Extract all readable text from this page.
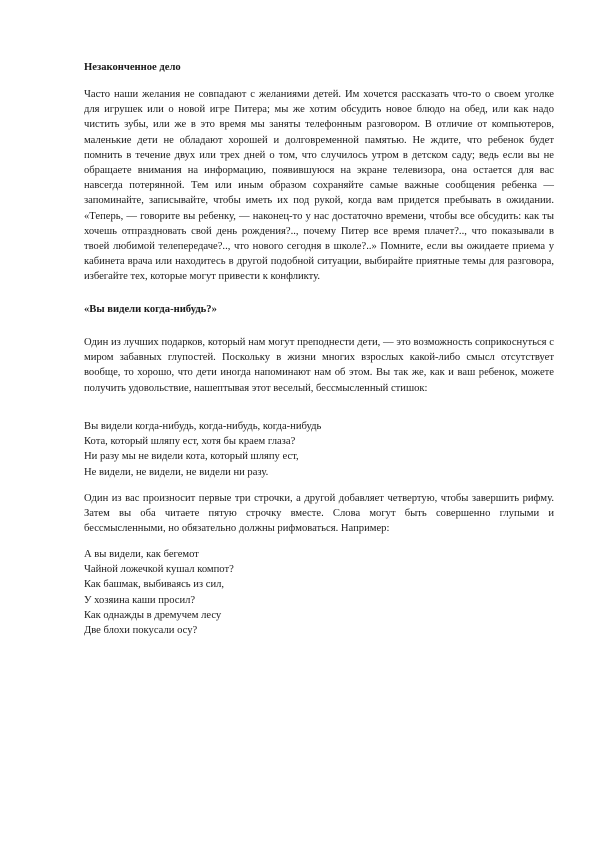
Незаконченное дело

Часто наши желания не совпадают с желаниями детей. Им хочется рассказать что-то о своем уголке для игрушек или о новой игре Питера; мы же хотим обсудить новое блюдо на обед, или как надо чистить зубы, или же в это время мы заняты телефонным разговором. В отличие от компьютеров, маленькие дети не обладают хорошей и долговременной памятью. Не ждите, что ребенок будет помнить в течение двух или трех дней о том, что случилось утром в детском саду; ведь если вы не обращаете внимания на информацию, появившуюся на экране телевизора, она остается для вас навсегда потерянной. Тем или иным образом сохраняйте самые важные сообщения ребенка — запоминайте, записывайте, чтобы иметь их под рукой, когда вам придется пребывать в ожидании. «Теперь, — говорите вы ребенку, — наконец-то у нас достаточно времени, чтобы все обсудить: как ты хочешь отпраздновать свой день рождения?.., почему Питер все время плачет?.., что показывали в твоей любимой телепередаче?.., что нового сегодня в школе?..» Помните, если вы ожидаете приема у кабинета врача или находитесь в другой подобной ситуации, выбирайте приятные темы для разговора, избегайте тех, которые могут привести к конфликту.

«Вы видели когда-нибудь?»

Один из лучших подарков, который нам могут преподнести дети, — это возможность соприкоснуться с миром забавных глупостей. Поскольку в жизни многих взрослых какой-либо смысл отсутствует вообще, то хорошо, что дети иногда напоминают нам об этом. Вы так же, как и ваш ребенок, можете получить удовольствие, нашептывая этот веселый, бессмысленный стишок:

Вы видели когда-нибудь, когда-нибудь, когда-нибудь
Кота, который шляпу ест, хотя бы краем глаза?
Ни разу мы не видели кота, который шляпу ест,
Не видели, не видели, не видели ни разу.

Один из вас произносит первые три строчки, а другой добавляет четвертую, чтобы завершить рифму. Затем вы оба читаете пятую строчку вместе. Слова могут быть совершенно глупыми и бессмысленными, но обязательно должны рифмоваться. Например:

А вы видели, как бегемот
Чайной ложечкой кушал компот?
Как башмак, выбиваясь из сил,
У хозяина каши просил?
Как однажды в дремучем лесу
Две блохи покусали осу?
